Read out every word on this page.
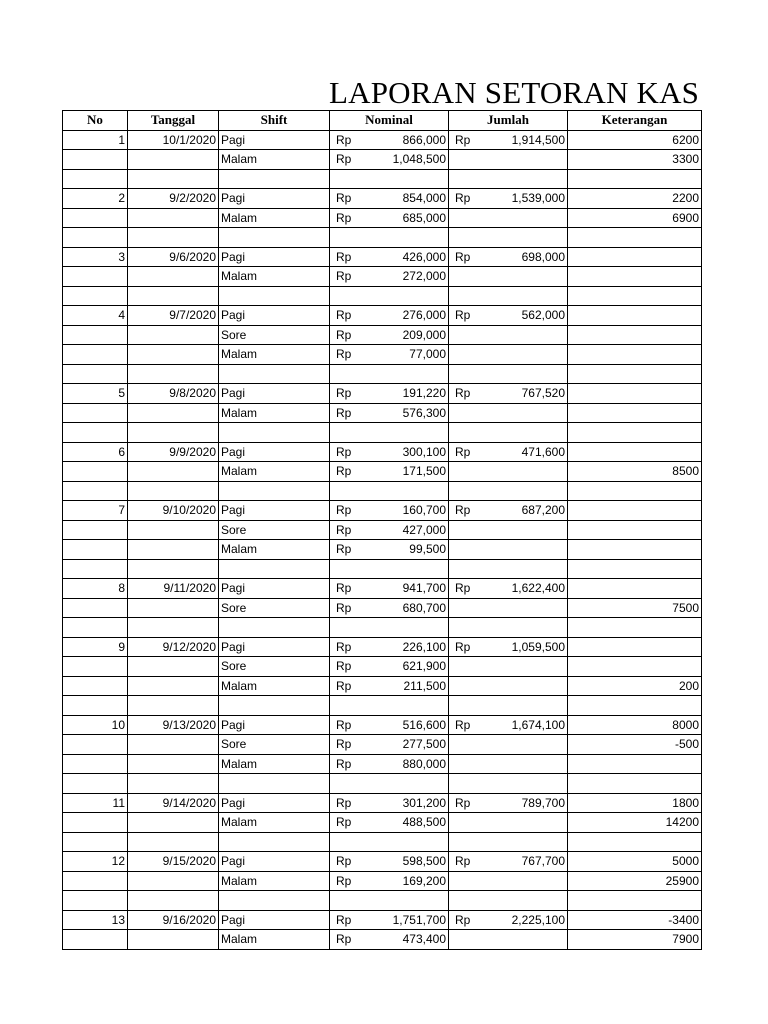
LAPORAN SETORAN KAS
No	Tanggal	Shift	Nominal	Jumlah	Keterangan
1	10/1/2020	Pagi	Rp 866,000	Rp 1,914,500	6200
		Malam	Rp 1,048,500		3300

2	9/2/2020	Pagi	Rp 854,000	Rp 1,539,000	2200
		Malam	Rp 685,000		6900

3	9/6/2020	Pagi	Rp 426,000	Rp 698,000	

		Malam	Rp 272,000		

4	9/7/2020	Pagi	Rp 276,000	Rp 562,000	

		Sore	Rp 209,000		

		Malam	Rp 77,000		

5	9/8/2020	Pagi	Rp 191,220	Rp 767,520	

		Malam	Rp 576,300		

6	9/9/2020	Pagi	Rp 300,100	Rp 471,600	

		Malam	Rp 171,500		8500

7	9/10/2020	Pagi	Rp 160,700	Rp 687,200	

		Sore	Rp 427,000		

		Malam	Rp 99,500		

8	9/11/2020	Pagi	Rp 941,700	Rp 1,622,400	

		Sore	Rp 680,700		7500

9	9/12/2020	Pagi	Rp 226,100	Rp 1,059,500	

		Sore	Rp 621,900		

		Malam	Rp 211,500		200

10	9/13/2020	Pagi	Rp 516,600	Rp 1,674,100	8000
		Sore	Rp 277,500		-500
		Malam	Rp 880,000		

11	9/14/2020	Pagi	Rp 301,200	Rp 789,700	1800
		Malam	Rp 488,500		14200

12	9/15/2020	Pagi	Rp 598,500	Rp 767,700	5000
		Malam	Rp 169,200		25900

13	9/16/2020	Pagi	Rp 1,751,700	Rp 2,225,100	-3400
		Malam	Rp 473,400		7900
